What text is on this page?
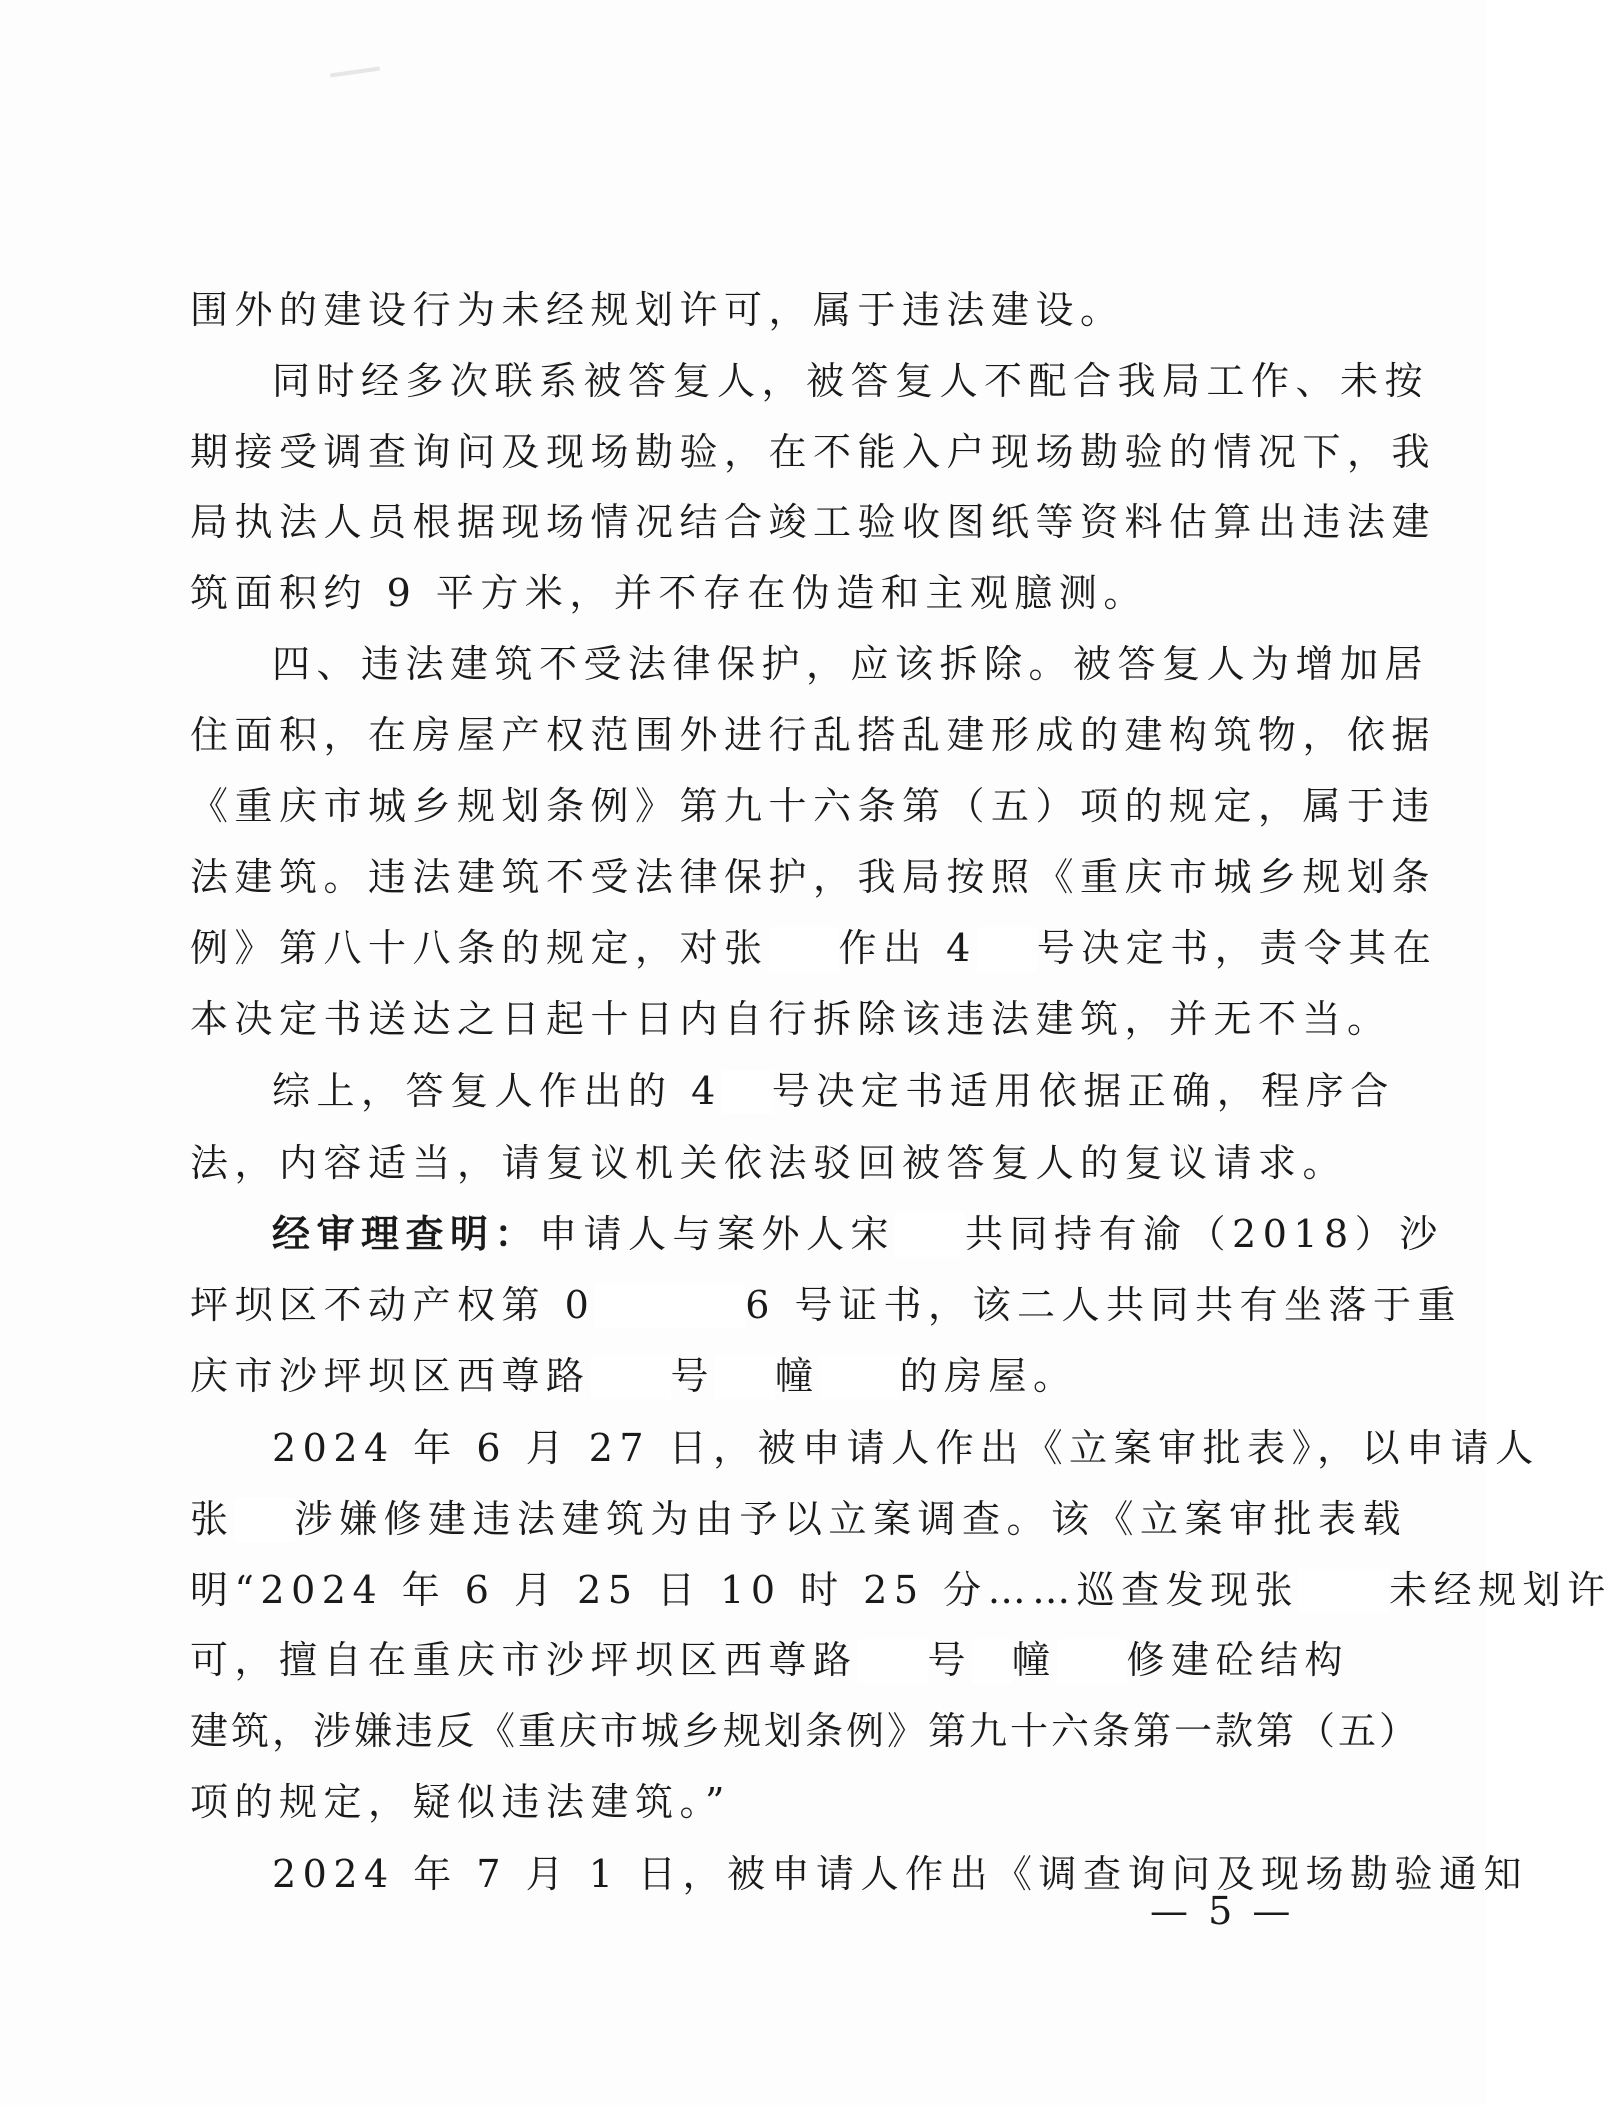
围外的建设行为未经规划许可，属于违法建设。
同时经多次联系被答复人，被答复人不配合我局工作、未按
期接受调查询问及现场勘验，在不能入户现场勘验的情况下，我
局执法人员根据现场情况结合竣工验收图纸等资料估算出违法建
筑面积约 9 平方米，并不存在伪造和主观臆测。
四、违法建筑不受法律保护，应该拆除。被答复人为增加居
住面积，在房屋产权范围外进行乱搭乱建形成的建构筑物，依据
《重庆市城乡规划条例》第九十六条第（五）项的规定，属于违
法建筑。违法建筑不受法律保护，我局按照《重庆市城乡规划条
例》第八十八条的规定，对张 作出 4 号决定书，责令其在
本决定书送达之日起十日内自行拆除该违法建筑，并无不当。
综上，答复人作出的 4 号决定书适用依据正确，程序合
法，内容适当，请复议机关依法驳回被答复人的复议请求。
经审理查明：申请人与案外人宋 共同持有渝（2018）沙
坪坝区不动产权第 0	6 号证书，该二人共同共有坐落于重
庆市沙坪坝区西尊路 号 幢 的房屋。
2024 年 6 月 27 日，被申请人作出《立案审批表》，以申请人
张 涉嫌修建违法建筑为由予以立案调查。该《立案审批表载
明“2024 年 6 月 25 日 10 时 25 分……巡查发现张 未经规划许
可，擅自在重庆市沙坪坝区西尊路 号 幢 修建砼结构
建筑，涉嫌违反《重庆市城乡规划条例》第九十六条第一款第（五）
项的规定，疑似违法建筑。”
2024 年 7 月 1 日，被申请人作出《调查询问及现场勘验通知
— 5 —
